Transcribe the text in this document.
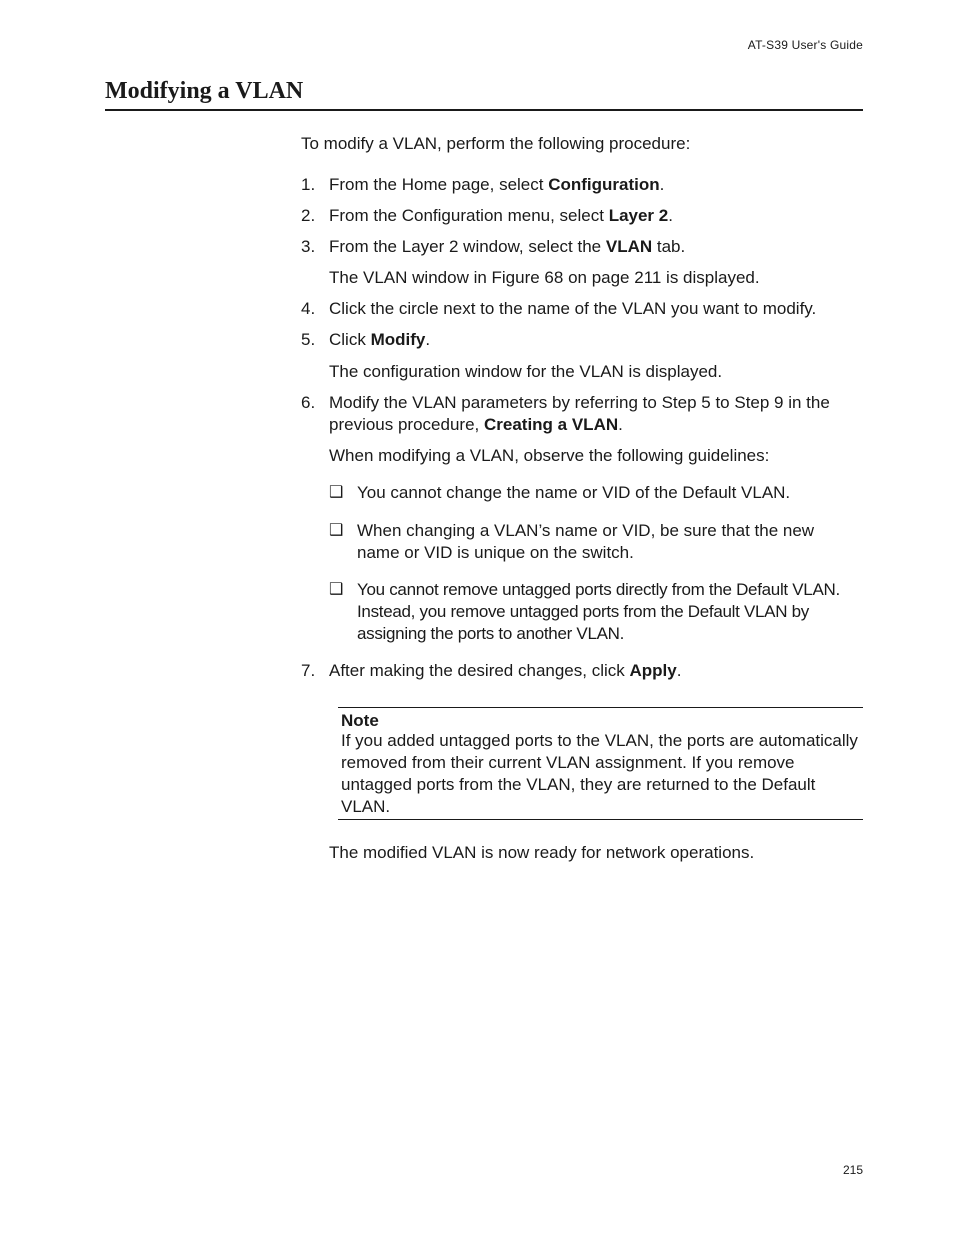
AT-S39 User's Guide
Modifying a VLAN
To modify a VLAN, perform the following procedure:
1. From the Home page, select Configuration.
2. From the Configuration menu, select Layer 2.
3. From the Layer 2 window, select the VLAN tab.
The VLAN window in Figure 68 on page 211 is displayed.
4. Click the circle next to the name of the VLAN you want to modify.
5. Click Modify.
The configuration window for the VLAN is displayed.
6. Modify the VLAN parameters by referring to Step 5 to Step 9 in the previous procedure, Creating a VLAN.
When modifying a VLAN, observe the following guidelines:
❑ You cannot change the name or VID of the Default VLAN.
❑ When changing a VLAN’s name or VID, be sure that the new name or VID is unique on the switch.
❑ You cannot remove untagged ports directly from the Default VLAN. Instead, you remove untagged ports from the Default VLAN by assigning the ports to another VLAN.
7. After making the desired changes, click Apply.
Note
If you added untagged ports to the VLAN, the ports are automatically removed from their current VLAN assignment. If you remove untagged ports from the VLAN, they are returned to the Default VLAN.
The modified VLAN is now ready for network operations.
215
